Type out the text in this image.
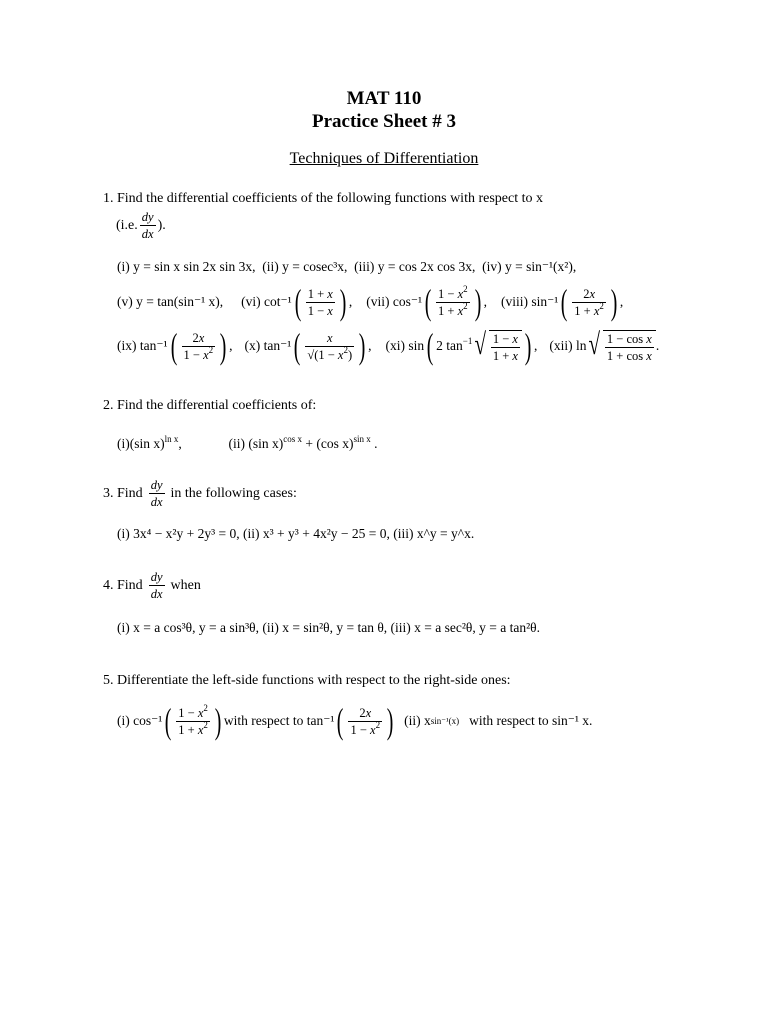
MAT 110
Practice Sheet # 3
Techniques of Differentiation
1. Find the differential coefficients of the following functions with respect to x
(i.e. $\frac{dy}{dx}$ ).
(i) y = sin x sin 2x sin 3x, (ii) y = cosec³x, (iii) y = cos 2x cos 3x, (iv) y = sin⁻¹(x²),
(v) y = tan(sin⁻¹ x), (vi) cot⁻¹ ( $\frac{1 + x}{1 - x}$ ) , (vii) cos⁻¹ ( $\frac{1 - x^2}{1 + x^2}$ ) , (viii) sin⁻¹ ( $\frac{2x}{1 + x^2}$ ) ,
(ix) tan⁻¹ ( $\frac{2x}{1 - x^2}$ ) , (x) tan⁻¹ ( $\frac{x}{√(1 - x^2)}$ ) , (xi) sin ( 2 $\tan^{-1}$ √ $\frac{1 - x}{1 + x}$ ) , (xii) ln √ $\frac{\text{1 − cos x}}{\text{1 + cos x}}$ .
2. Find the differential coefficients of:
(i)(sin x)$^{ln x}$,	(ii) (sin x)$^{cos x}$ + (cos x)$^{sin x}$ .
3. Find $\frac{dy}{dx}$ in the following cases:
(i) 3x⁴ − x²y + 2y³ = 0, (ii) x³ + y³ + 4x²y − 25 = 0, (iii) x^y = y^x.
4. Find $\frac{dy}{dx}$ when
(i) x = a cos³θ, y = a sin³θ, (ii) x = sin²θ, y = tan θ, (iii) x = a sec²θ, y = a tan²θ.
5. Differentiate the left-side functions with respect to the right-side ones:
(i) cos⁻¹ ( $\frac{1 - x^2}{1 + x^2}$ ) with respect to tan⁻¹ ( $\frac{2x}{1 - x^2}$ ) (ii) x sin⁻¹(x) with respect to sin⁻¹ x.
